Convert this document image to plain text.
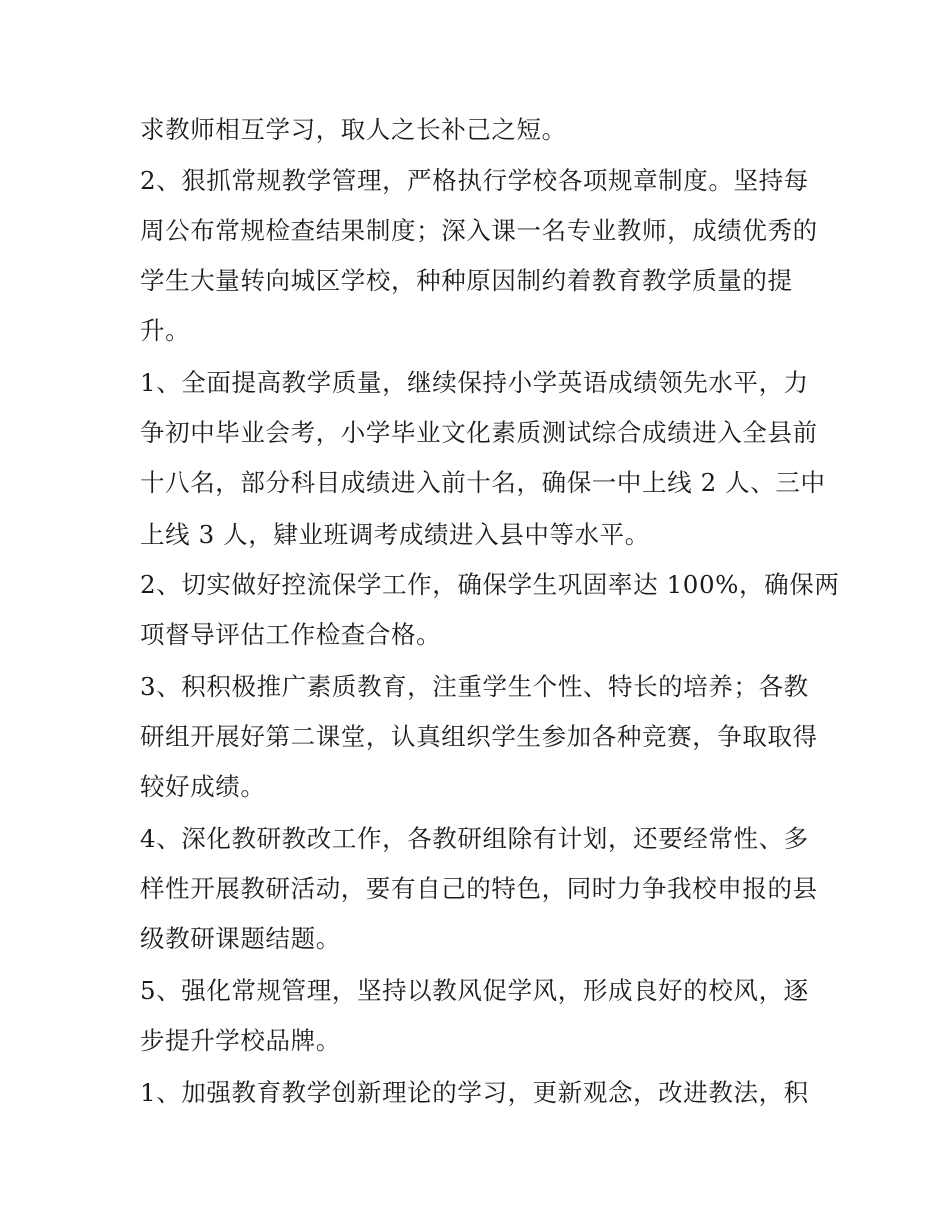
求教师相互学习，取人之长补己之短。
2、狠抓常规教学管理，严格执行学校各项规章制度。坚持每
周公布常规检查结果制度；深入课一名专业教师，成绩优秀的
学生大量转向城区学校，种种原因制约着教育教学质量的提
升。
1、全面提高教学质量，继续保持小学英语成绩领先水平，力
争初中毕业会考，小学毕业文化素质测试综合成绩进入全县前
十八名，部分科目成绩进入前十名，确保一中上线 2 人、三中
上线 3 人，肄业班调考成绩进入县中等水平。
2、切实做好控流保学工作，确保学生巩固率达 100%，确保两
项督导评估工作检查合格。
3、积积极推广素质教育，注重学生个性、特长的培养；各教
研组开展好第二课堂，认真组织学生参加各种竞赛，争取取得
较好成绩。
4、深化教研教改工作，各教研组除有计划，还要经常性、多
样性开展教研活动，要有自己的特色，同时力争我校申报的县
级教研课题结题。
5、强化常规管理，坚持以教风促学风，形成良好的校风，逐
步提升学校品牌。
1、加强教育教学创新理论的学习，更新观念，改进教法，积
